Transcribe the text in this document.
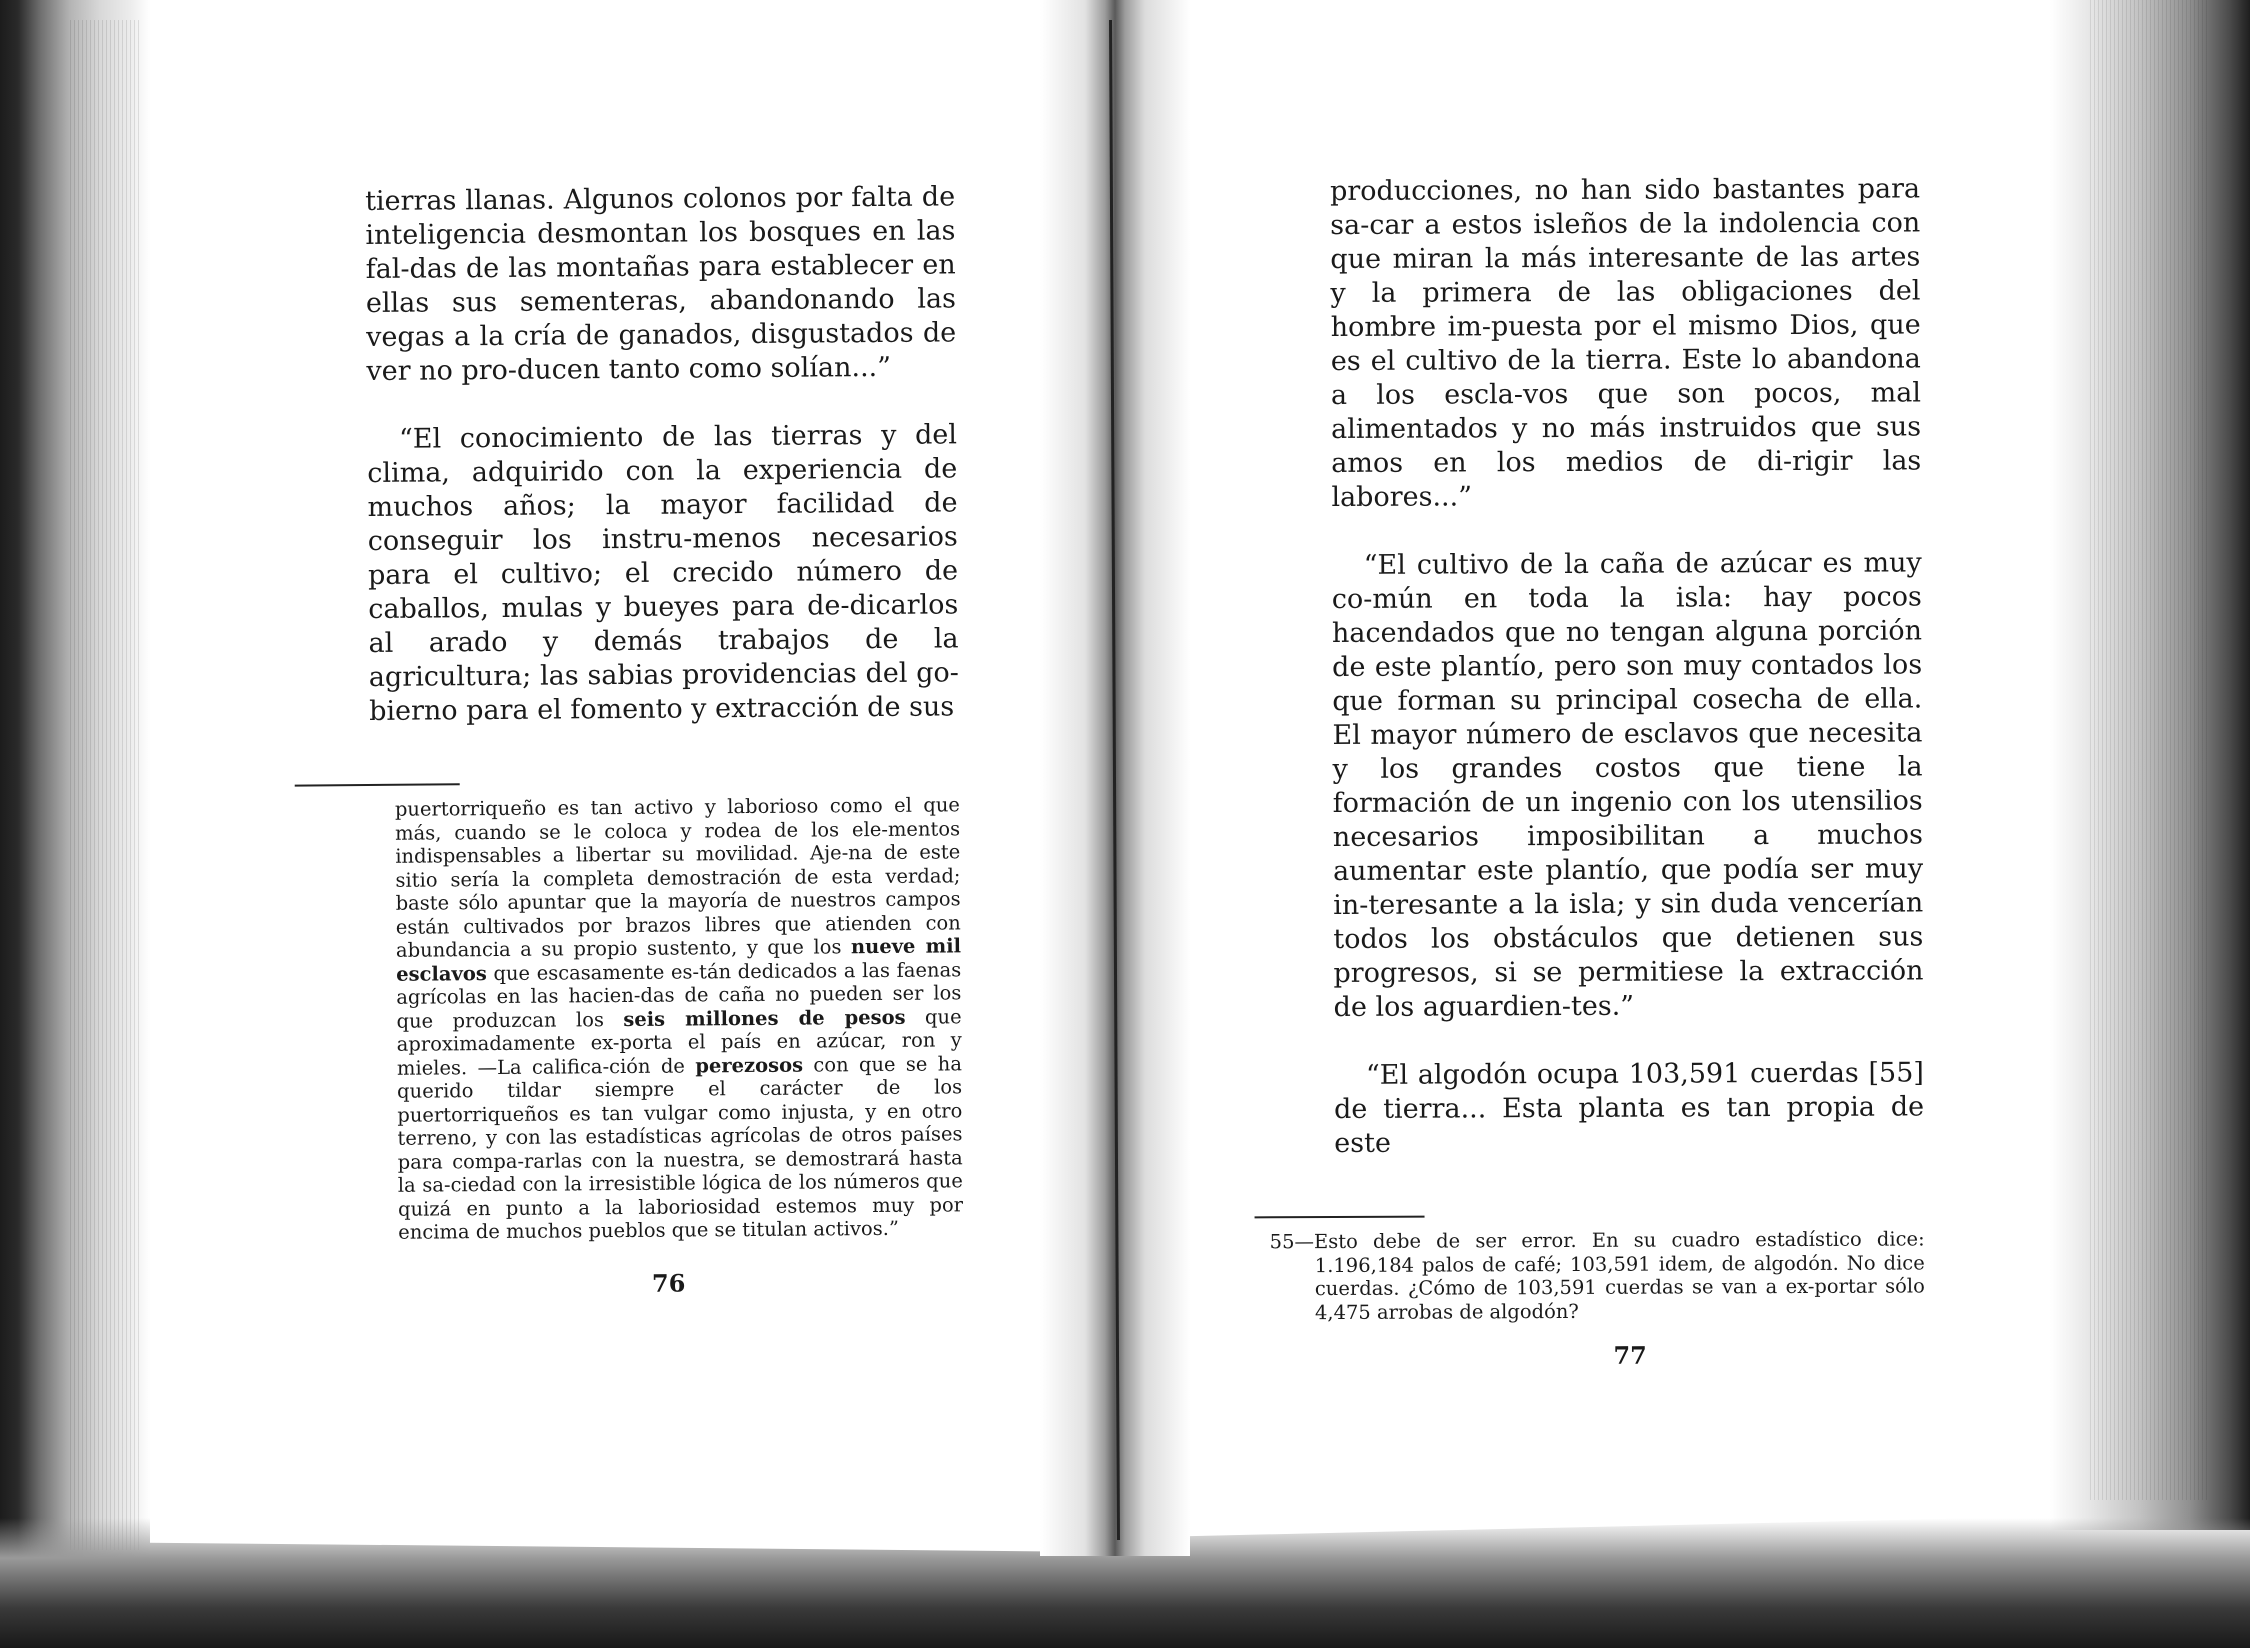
tierras llanas. Algunos colonos por falta de inteligencia desmontan los bosques en las fal-das de las montañas para establecer en ellas sus sementeras, abandonando las vegas a la cría de ganados, disgustados de ver no pro-ducen tanto como solían...”

“El conocimiento de las tierras y del clima, adquirido con la experiencia de muchos años; la mayor facilidad de conseguir los instru-menos necesarios para el cultivo; el crecido número de caballos, mulas y bueyes para de-dicarlos al arado y demás trabajos de la agricultura; las sabias providencias del go-bierno para el fomento y extracción de sus

puertorriqueño es tan activo y laborioso como el que más, cuando se le coloca y rodea de los ele-mentos indispensables a libertar su movilidad. Aje-na de este sitio sería la completa demostración de esta verdad; baste sólo apuntar que la mayoría de nuestros campos están cultivados por brazos libres que atienden con abundancia a su propio sustento, y que los nueve mil esclavos que escasamente es-tán dedicados a las faenas agrícolas en las hacien-das de caña no pueden ser los que produzcan los seis millones de pesos que aproximadamente ex-porta el país en azúcar, ron y mieles. —La califica-ción de perezosos con que se ha querido tildar siempre el carácter de los puertorriqueños es tan vulgar como injusta, y en otro terreno, y con las estadísticas agrícolas de otros países para compa-rarlas con la nuestra, se demostrará hasta la sa-ciedad con la irresistible lógica de los números que quizá en punto a la laboriosidad estemos muy por encima de muchos pueblos que se titulan activos.”

76

producciones, no han sido bastantes para sa-car a estos isleños de la indolencia con que miran la más interesante de las artes y la primera de las obligaciones del hombre im-puesta por el mismo Dios, que es el cultivo de la tierra. Este lo abandona a los escla-vos que son pocos, mal alimentados y no más instruidos que sus amos en los medios de di-rigir las labores...”

“El cultivo de la caña de azúcar es muy co-mún en toda la isla: hay pocos hacendados que no tengan alguna porción de este plantío, pero son muy contados los que forman su principal cosecha de ella. El mayor número de esclavos que necesita y los grandes costos que tiene la formación de un ingenio con los utensilios necesarios imposibilitan a muchos aumentar este plantío, que podía ser muy in-teresante a la isla; y sin duda vencerían todos los obstáculos que detienen sus progresos, si se permitiese la extracción de los aguardien-tes.”

“El algodón ocupa 103,591 cuerdas [55] de tierra... Esta planta es tan propia de este

55—Esto debe de ser error. En su cuadro estadístico dice: 1.196,184 palos de café; 103,591 idem, de algodón. No dice cuerdas. ¿Cómo de 103,591 cuerdas se van a ex-portar sólo 4,475 arrobas de algodón?

77
